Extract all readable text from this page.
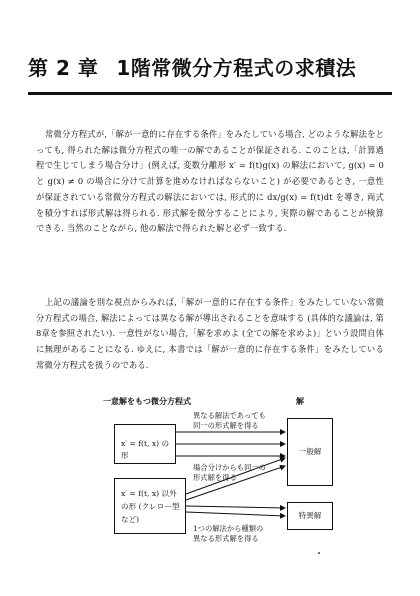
第 2 章 1階常微分方程式の求積法
常微分方程式が,「解が一意的に存在する条件」をみたしている場合, どのような解法をとっても, 得られた解は微分方程式の唯一の解であることが保証される. このことは,「計算過程で生じてしまう場合分け」(例えば, 変数分離形 x′ = f(t)g(x) の解法において, g(x) = 0 と g(x) ≠ 0 の場合に分けて計算を進めなければならないこと) が必要であるとき, 一意性が保証されている常微分方程式の解法においては, 形式的に dx/g(x) = f(t)dt を導き, 両式を積分すれば形式解は得られる. 形式解を微分することにより, 実際の解であることが検算できる. 当然のことながら, 他の解法で得られた解と必ず一致する.
上記の議論を別な視点からみれば,「解が一意的に存在する条件」をみたしていない常微分方程式の場合, 解法によっては異なる解が導出されることを意味する (具体的な議論は, 第8章を参照されたい). 一意性がない場合,「解を求めよ (全ての解を求めよ)」という設問自体に無理があることになる. ゆえに, 本書では「解が一意的に存在する条件」をみたしている常微分方程式を扱うのである.
一意解をもつ微分方程式	解
x′ = f(t, x) の形
x′ = f(t, x) 以外
の形 (クレロー型
など)
一般解
特異解
異なる解法であっても
同一の形式解を得る
場合分けからも同一の
形式解を得る
1つの解法から種類の
異なる形式解を得る
